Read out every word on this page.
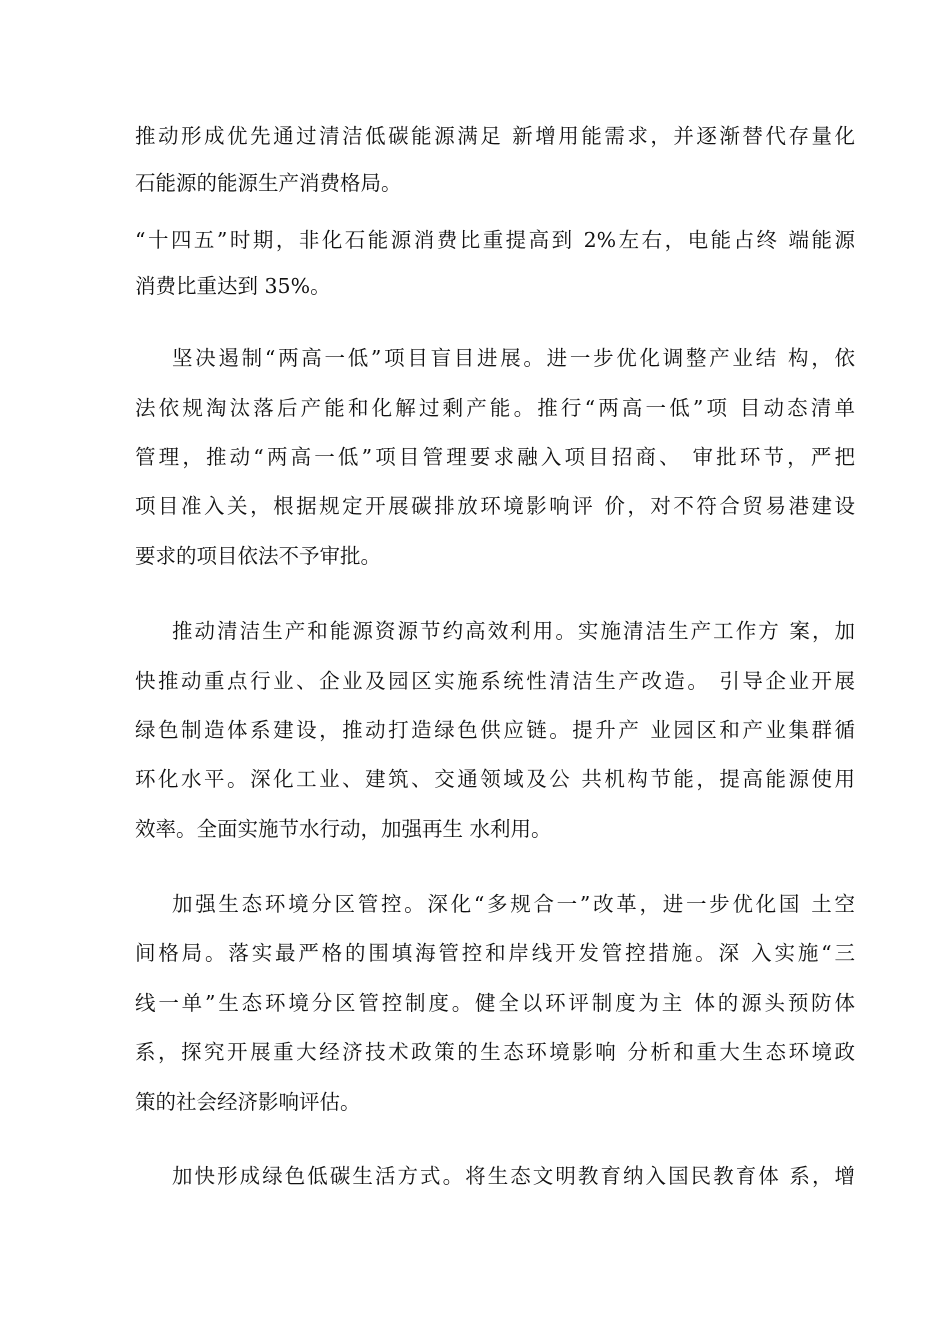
推动形成优先通过清洁低碳能源满足 新增用能需求，并逐渐替代存量化

石能源的能源生产消费格局。

“十四五”时期，非化石能源消费比重提高到 2%左右，电能占终 端能源

消费比重达到 35%。

坚决遏制“两高一低”项目盲目进展。进一步优化调整产业结 构，依

法依规淘汰落后产能和化解过剩产能。推行“两高一低”项 目动态清单

管理，推动“两高一低”项目管理要求融入项目招商、 审批环节，严把

项目准入关，根据规定开展碳排放环境影响评 价，对不符合贸易港建设

要求的项目依法不予审批。

推动清洁生产和能源资源节约高效利用。实施清洁生产工作方 案，加

快推动重点行业、企业及园区实施系统性清洁生产改造。 引导企业开展

绿色制造体系建设，推动打造绿色供应链。提升产 业园区和产业集群循

环化水平。深化工业、建筑、交通领域及公 共机构节能，提高能源使用

效率。全面实施节水行动，加强再生 水利用。

加强生态环境分区管控。深化“多规合一”改革，进一步优化国 土空

间格局。落实最严格的围填海管控和岸线开发管控措施。深 入实施“三

线一单”生态环境分区管控制度。健全以环评制度为主 体的源头预防体

系，探究开展重大经济技术政策的生态环境影响 分析和重大生态环境政

策的社会经济影响评估。

加快形成绿色低碳生活方式。将生态文明教育纳入国民教育体 系，增
